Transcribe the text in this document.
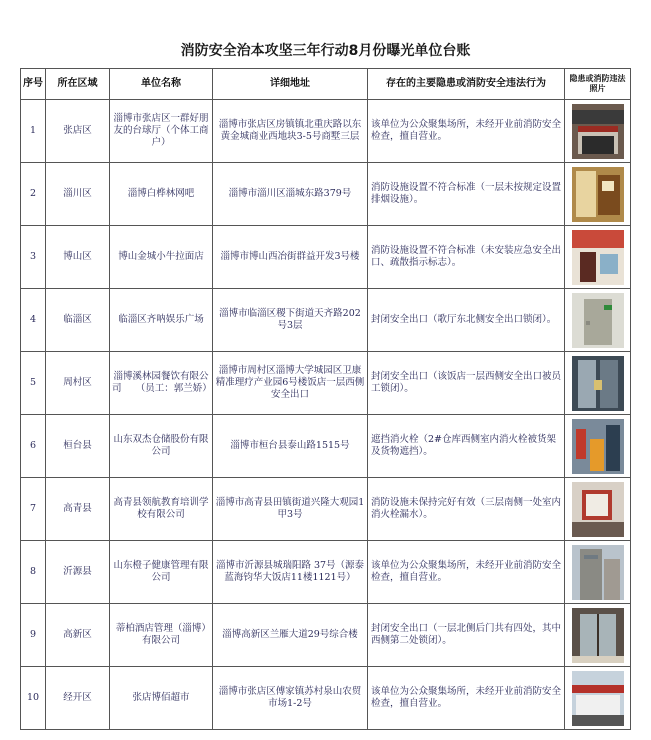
消防安全治本攻坚三年行动8月份曝光单位台账
序号	所在区域	单位名称	详细地址	存在的主要隐患或消防安全违法行为	隐患或消防违法照片
1	张店区	淄博市张店区一群好朋友的台球厅（个体工商户）	淄博市张店区房镇镇北重庆路以东黄金城商业西地块3-5号商墅三层	该单位为公众聚集场所，未经开业前消防安全检查，擅自营业。	

2	淄川区	淄博白桦林网吧	淄博市淄川区淄城东路379号	消防设施设置不符合标准（一层未按规定设置排烟设施）。	

3	博山区	博山金城小牛拉面店	淄博市博山西冶街群益开发3号楼	消防设施设置不符合标准（未安装应急安全出口、疏散指示标志）。	

4	临淄区	临淄区齐呐娱乐广场	淄博市临淄区稷下街道天齐路202号3层	封闭安全出口（歌厅东北侧安全出口锁闭）。	

5	周村区	淄博溪林园餐饮有限公司　　（员工：郭兰娇）	淄博市周村区淄博大学城园区卫康精准理疗产业园6号楼饭店一层西侧安全出口	封闭安全出口（该饭店一层西侧安全出口被员工锁闭）。	

6	桓台县	山东双杰仓储股份有限公司	淄博市桓台县泰山路1515号	遮挡消火栓（2#仓库西侧室内消火栓被货架及货物遮挡）。	

7	高青县	高青县领航教育培训学校有限公司	淄博市高青县田镇街道兴隆大观园1甲3号	消防设施未保持完好有效（三层南侧一处室内消火栓漏水）。	

8	沂源县	山东橙子健康管理有限公司	淄博市沂源县城瑞阳路 37号（源泰蓝海钧华大饭店11楼1121号）	该单位为公众聚集场所，未经开业前消防安全检查，擅自营业。	

9	高新区	蒂柏酒店管理（淄博）　有限公司	淄博高新区兰雁大道29号综合楼	封闭安全出口（一层北侧后门共有四处，其中西侧第二处锁闭）。	

10	经开区	张店博佰超市	淄博市张店区傅家镇苏村泉山农贸市场1-2号	该单位为公众聚集场所，未经开业前消防安全检查，擅自营业。	
